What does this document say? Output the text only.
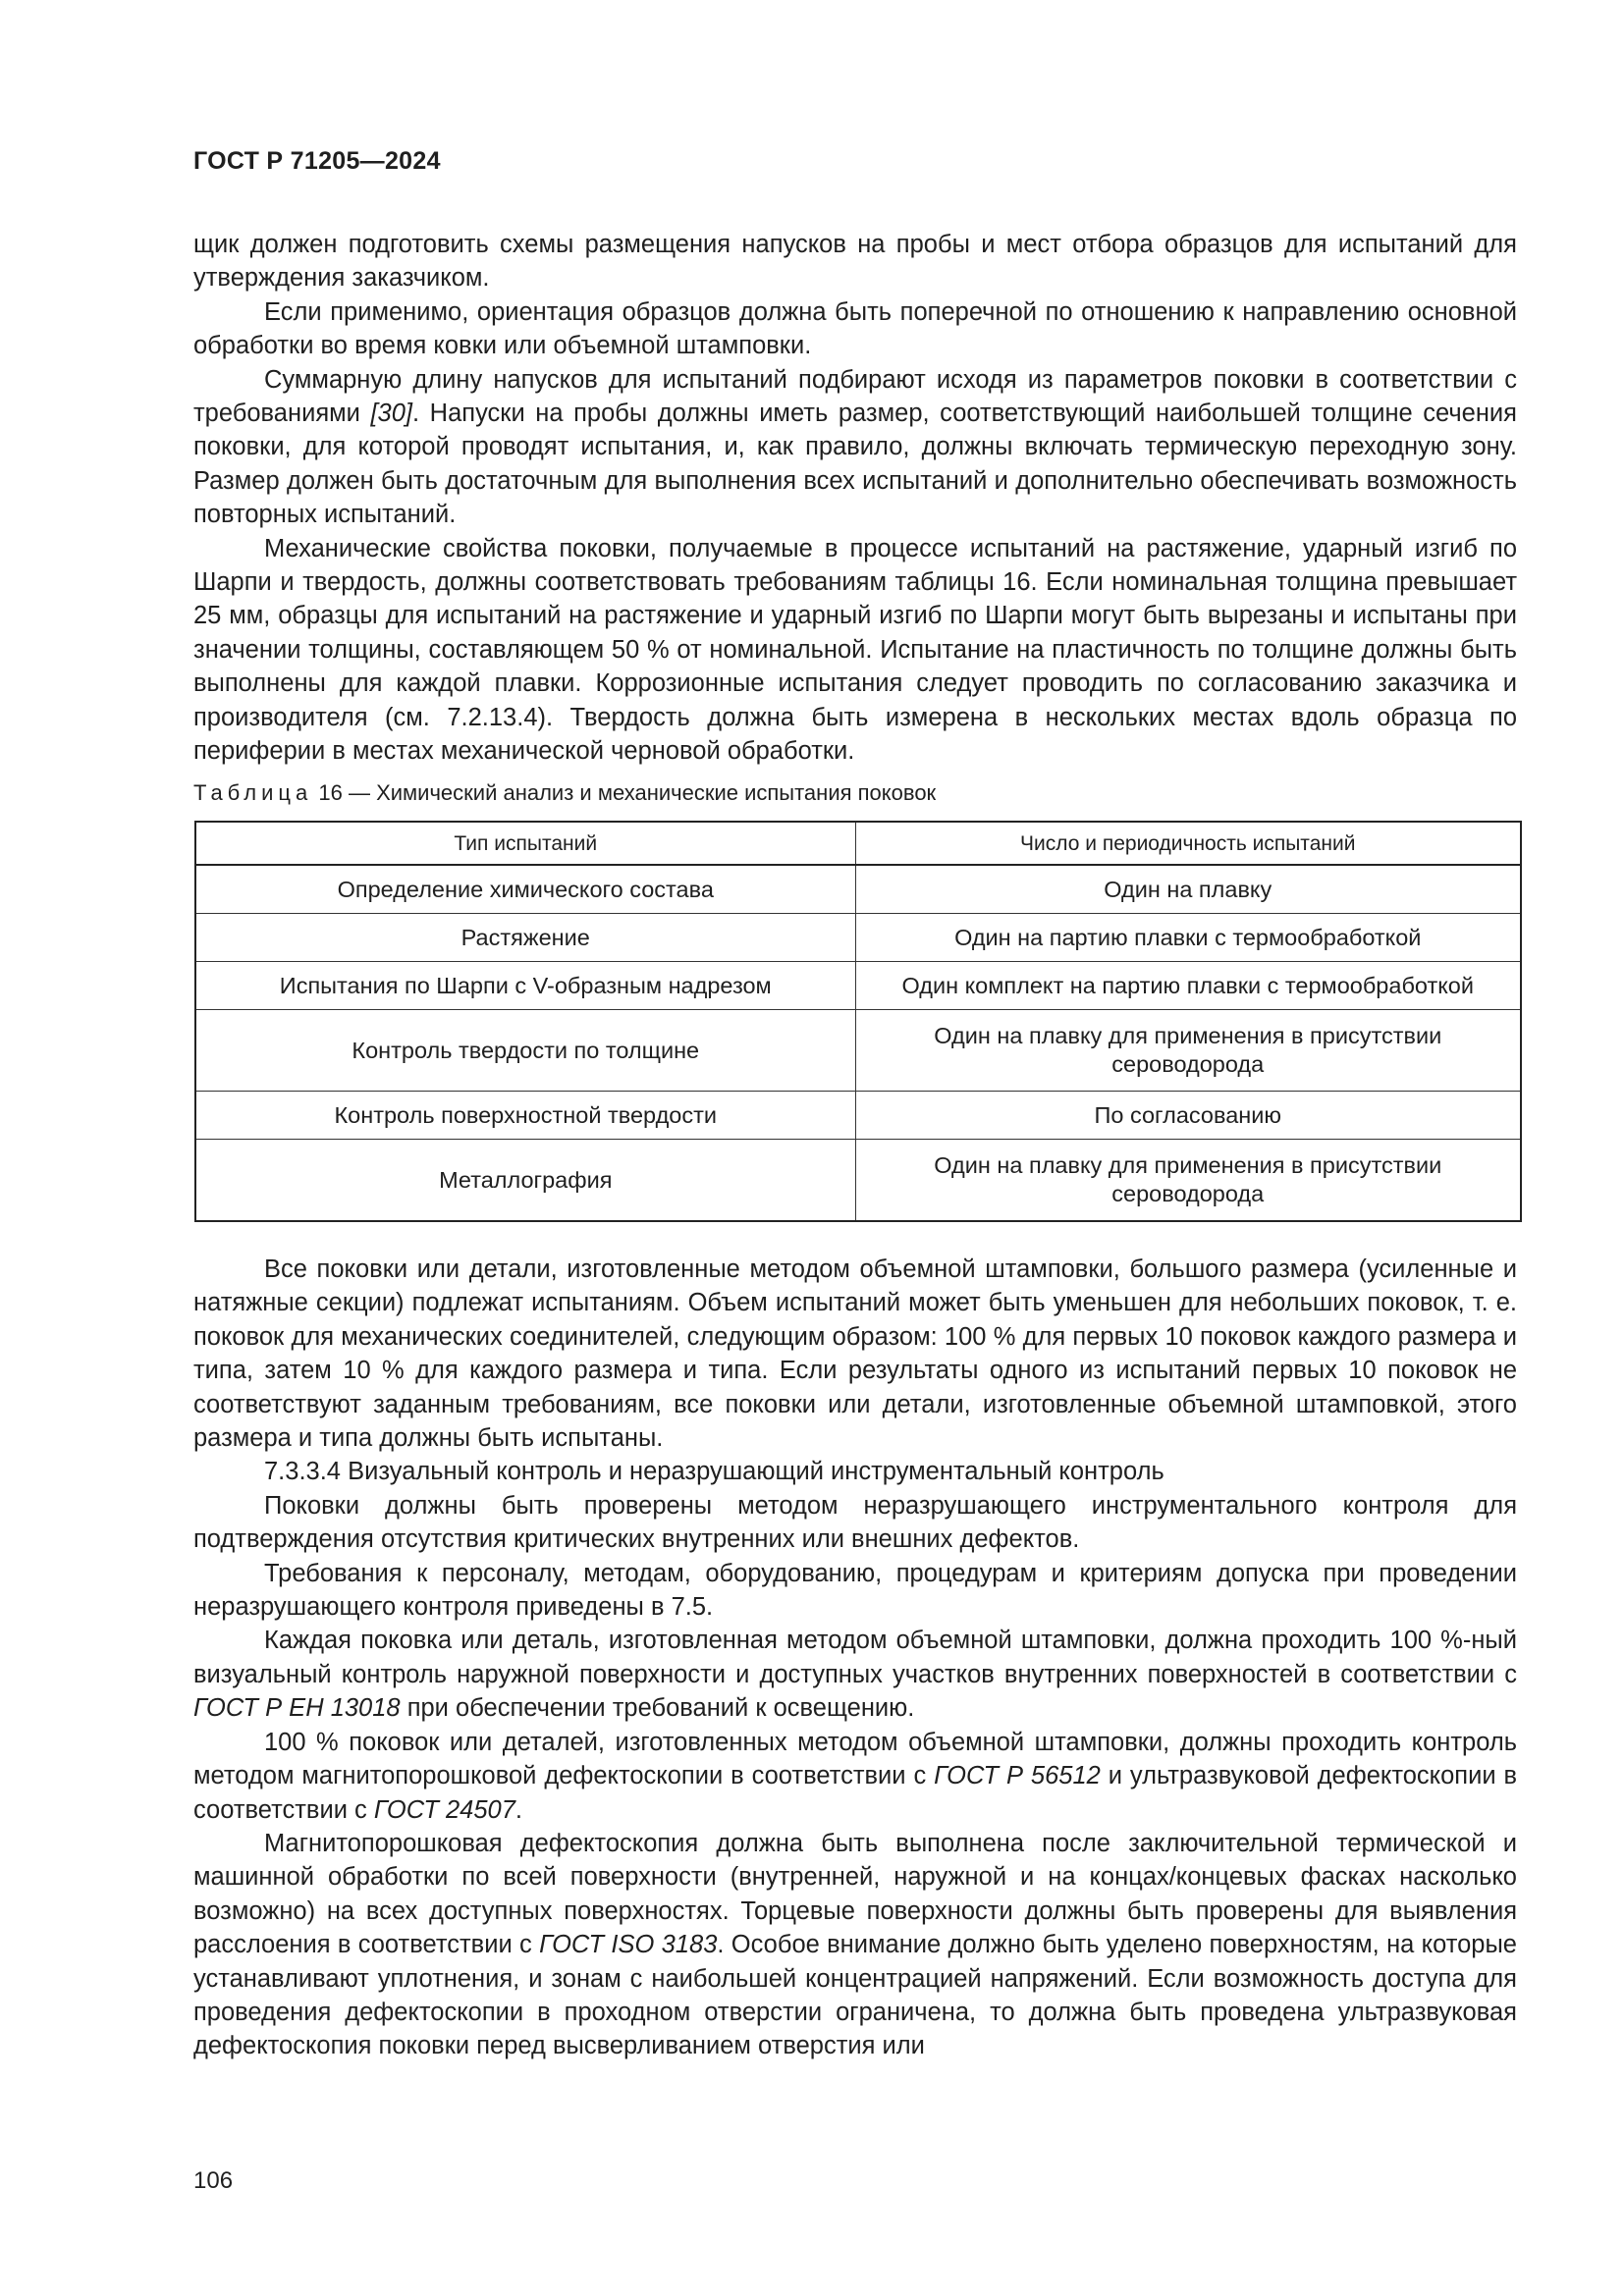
ГОСТ Р 71205—2024

щик должен подготовить схемы размещения напусков на пробы и мест отбора образцов для испытаний для утверждения заказчиком.

Если применимо, ориентация образцов должна быть поперечной по отношению к направлению основной обработки во время ковки или объемной штамповки.

Суммарную длину напусков для испытаний подбирают исходя из параметров поковки в соответствии с требованиями [30]. Напуски на пробы должны иметь размер, соответствующий наибольшей толщине сечения поковки, для которой проводят испытания, и, как правило, должны включать термическую переходную зону. Размер должен быть достаточным для выполнения всех испытаний и дополнительно обеспечивать возможность повторных испытаний.

Механические свойства поковки, получаемые в процессе испытаний на растяжение, ударный изгиб по Шарпи и твердость, должны соответствовать требованиям таблицы 16. Если номинальная толщина превышает 25 мм, образцы для испытаний на растяжение и ударный изгиб по Шарпи могут быть вырезаны и испытаны при значении толщины, составляющем 50 % от номинальной. Испытание на пластичность по толщине должны быть выполнены для каждой плавки. Коррозионные испытания следует проводить по согласованию заказчика и производителя (см. 7.2.13.4). Твердость должна быть измерена в нескольких местах вдоль образца по периферии в местах механической черновой обработки.

Таблица 16 — Химический анализ и механические испытания поковок
Тип испытаний	Число и периодичность испытаний
Определение химического состава	Один на плавку
Растяжение	Один на партию плавки с термообработкой
Испытания по Шарпи с V-образным надрезом	Один комплект на партию плавки с термообработкой
Контроль твердости по толщине	Один на плавку для применения в присутствии сероводорода
Контроль поверхностной твердости	По согласованию
Металлография	Один на плавку для применения в присутствии сероводорода

Все поковки или детали, изготовленные методом объемной штамповки, большого размера (усиленные и натяжные секции) подлежат испытаниям. Объем испытаний может быть уменьшен для небольших поковок, т. е. поковок для механических соединителей, следующим образом: 100 % для первых 10 поковок каждого размера и типа, затем 10 % для каждого размера и типа. Если результаты одного из испытаний первых 10 поковок не соответствуют заданным требованиям, все поковки или детали, изготовленные объемной штамповкой, этого размера и типа должны быть испытаны.

7.3.3.4 Визуальный контроль и неразрушающий инструментальный контроль

Поковки должны быть проверены методом неразрушающего инструментального контроля для подтверждения отсутствия критических внутренних или внешних дефектов.

Требования к персоналу, методам, оборудованию, процедурам и критериям допуска при проведении неразрушающего контроля приведены в 7.5.

Каждая поковка или деталь, изготовленная методом объемной штамповки, должна проходить 100 %-ный визуальный контроль наружной поверхности и доступных участков внутренних поверхностей в соответствии с ГОСТ Р ЕН 13018 при обеспечении требований к освещению.

100 % поковок или деталей, изготовленных методом объемной штамповки, должны проходить контроль методом магнитопорошковой дефектоскопии в соответствии с ГОСТ Р 56512 и ультразвуковой дефектоскопии в соответствии с ГОСТ 24507.

Магнитопорошковая дефектоскопия должна быть выполнена после заключительной термической и машинной обработки по всей поверхности (внутренней, наружной и на концах/концевых фасках насколько возможно) на всех доступных поверхностях. Торцевые поверхности должны быть проверены для выявления расслоения в соответствии с ГОСТ ISO 3183. Особое внимание должно быть уделено поверхностям, на которые устанавливают уплотнения, и зонам с наибольшей концентрацией напряжений. Если возможность доступа для проведения дефектоскопии в проходном отверстии ограничена, то должна быть проведена ультразвуковая дефектоскопия поковки перед высверливанием отверстия или

106
